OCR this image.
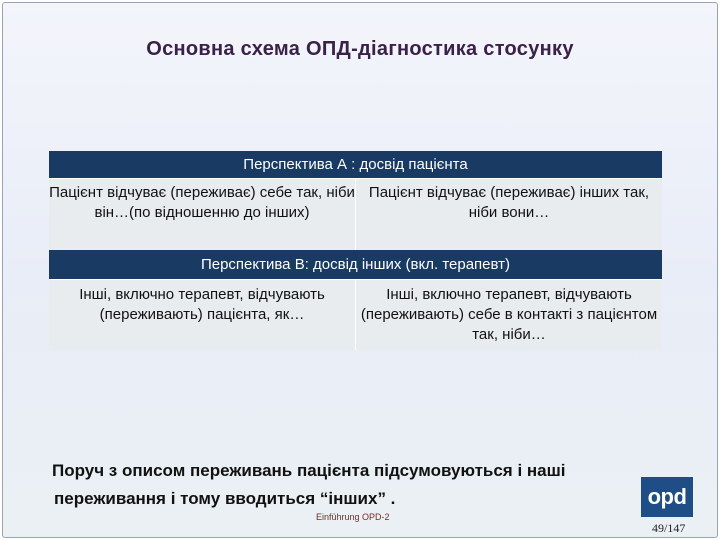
Основна схема ОПД-діагностика стосунку
Перспектива А : досвід пацієнта
Пацієнт відчуває (переживає) себе так, ніби він…(по відношенню до інших)
Пацієнт відчуває (переживає) інших так, ніби вони…
Перспектива В: досвід інших (вкл. терапевт)
Інші, включно терапевт, відчувають (переживають) пацієнта, як…
Інші, включно терапевт, відчувають (переживають) себе в контакті з пацієнтом так, ніби…
Поруч з описом переживань пацієнта підсумовуються і наші
переживання і тому вводиться “інших” .	opd
Einführung OPD-2
49/147
